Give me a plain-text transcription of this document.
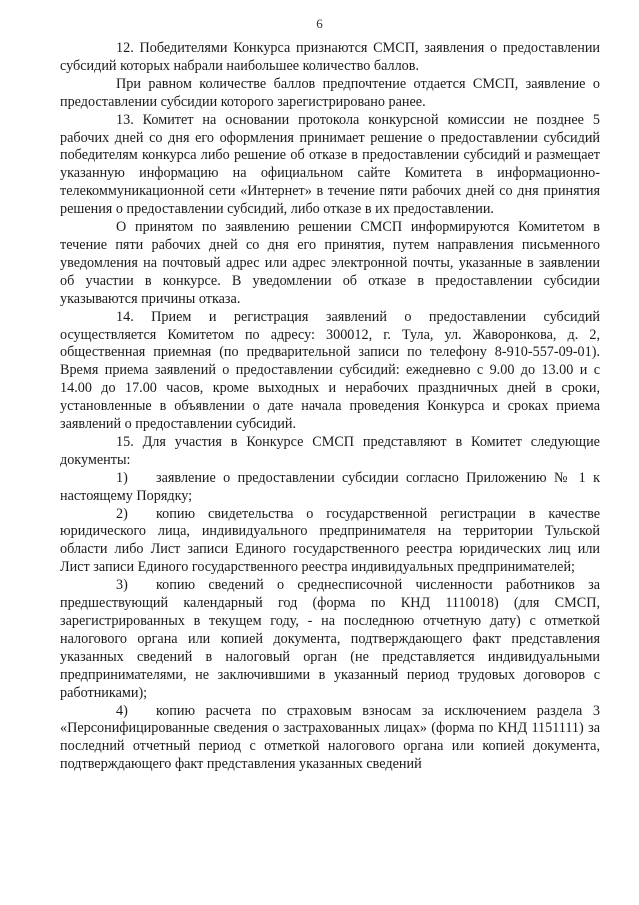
6

12. Победителями Конкурса признаются СМСП, заявления о предоставлении субсидий которых набрали наибольшее количество баллов.

При равном количестве баллов предпочтение отдается СМСП, заявление о предоставлении субсидии которого зарегистрировано ранее.

13. Комитет на основании протокола конкурсной комиссии не позднее 5 рабочих дней со дня его оформления принимает решение о предоставлении субсидий победителям конкурса либо решение об отказе в предоставлении субсидий и размещает указанную информацию на официальном сайте Комитета в информационно-телекоммуникационной сети «Интернет» в течение пяти рабочих дней со дня принятия решения о предоставлении субсидий, либо отказе в их предоставлении.

О принятом по заявлению решении СМСП информируются Комитетом в течение пяти рабочих дней со дня его принятия, путем направления письменного уведомления на почтовый адрес или адрес электронной почты, указанные в заявлении об участии в конкурсе. В уведомлении об отказе в предоставлении субсидии указываются причины отказа.

14. Прием и регистрация заявлений о предоставлении субсидий осуществляется Комитетом по адресу: 300012, г. Тула, ул. Жаворонкова, д. 2, общественная приемная (по предварительной записи по телефону 8-910-557-09-01). Время приема заявлений о предоставлении субсидий: ежедневно с 9.00 до 13.00 и с 14.00 до 17.00 часов, кроме выходных и нерабочих праздничных дней в сроки, установленные в объявлении о дате начала проведения Конкурса и сроках приема заявлений о предоставлении субсидий.

15. Для участия в Конкурсе СМСП представляют в Комитет следующие документы:

1) заявление о предоставлении субсидии согласно Приложению № 1 к настоящему Порядку;

2) копию свидетельства о государственной регистрации в качестве юридического лица, индивидуального предпринимателя на территории Тульской области либо Лист записи Единого государственного реестра юридических лиц или Лист записи Единого государственного реестра индивидуальных предпринимателей;

3) копию сведений о среднесписочной численности работников за предшествующий календарный год (форма по КНД 1110018) (для СМСП, зарегистрированных в текущем году, - на последнюю отчетную дату) с отметкой налогового органа или копией документа, подтверждающего факт представления указанных сведений в налоговый орган (не представляется индивидуальными предпринимателями, не заключившими в указанный период трудовых договоров с работниками);

4) копию расчета по страховым взносам за исключением раздела 3 «Персонифицированные сведения о застрахованных лицах» (форма по КНД 1151111) за последний отчетный период с отметкой налогового органа или копией документа, подтверждающего факт представления указанных сведений
